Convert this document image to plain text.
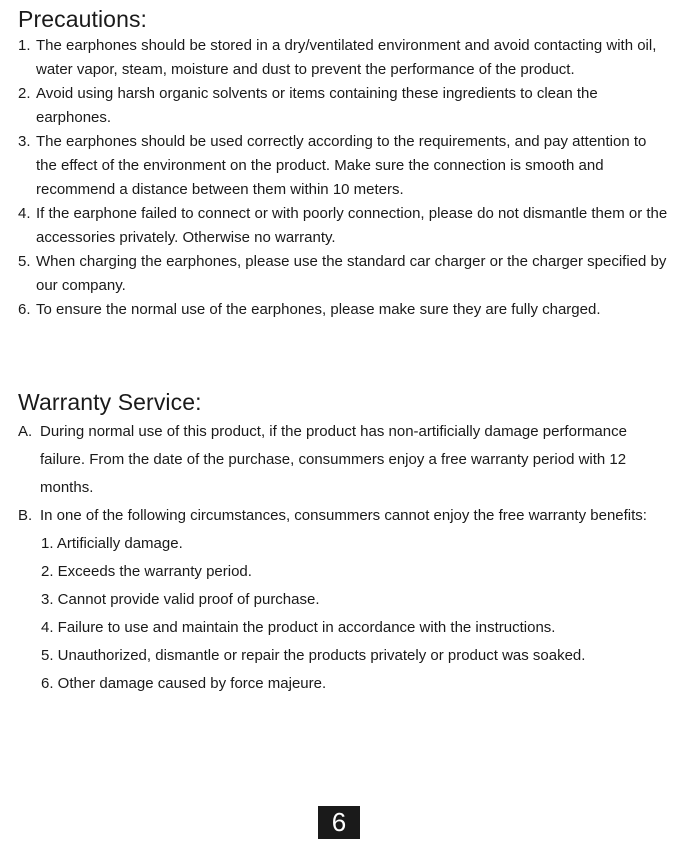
Precautions:
1. The earphones should be stored in a dry/ventilated environment and avoid contacting with oil, water vapor, steam, moisture and dust to prevent the performance of the product.
2. Avoid using harsh organic solvents or items containing these ingredients to clean the earphones.
3. The earphones should be used correctly according to the requirements, and pay attention to the effect of the environment on the product. Make sure the connection is smooth and recommend a distance between them within 10 meters.
4. If the earphone failed to connect or with poorly connection, please do not dismantle them or the accessories privately. Otherwise no warranty.
5. When charging the earphones, please use the standard car charger or the charger specified by our company.
6. To ensure the normal use of the earphones, please make sure they are fully charged.
Warranty Service:
A. During normal use of this product, if the product has non-artificially damage performance failure. From the date of the purchase, consummers enjoy a free warranty period with 12 months.
B. In one of the following circumstances, consummers cannot enjoy the free warranty benefits:
1. Artificially damage.
2. Exceeds the warranty period.
3. Cannot provide valid proof of purchase.
4. Failure to use and maintain the product in accordance with the instructions.
5. Unauthorized, dismantle or repair the products privately or product was soaked.
6. Other damage caused by force majeure.
6
